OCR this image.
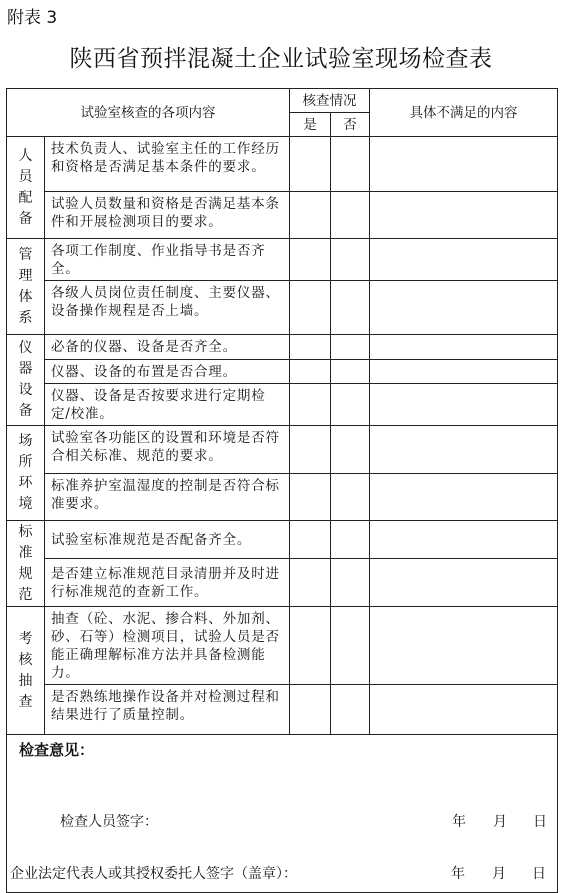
附表 3
陕西省预拌混凝土企业试验室现场检查表
试验室核查的各项内容		核查情况		具体不满足的内容
		是	否	
人员配备	技术负责人、试验室主任的工作经历和资格是否满足基本条件的要求。			
	试验人员数量和资格是否满足基本条件和开展检测项目的要求。			
管理体系	各项工作制度、作业指导书是否齐全。			
	各级人员岗位责任制度、主要仪器、设备操作规程是否上墙。			
仪器设备	必备的仪器、设备是否齐全。			
	仪器、设备的布置是否合理。			
	仪器、设备是否按要求进行定期检定/校准。			
场所环境	试验室各功能区的设置和环境是否符合相关标准、规范的要求。			
	标准养护室温湿度的控制是否符合标准要求。			
标准规范	试验室标准规范是否配备齐全。			
	是否建立标准规范目录清册并及时进行标准规范的查新工作。			
考核抽查	抽查（砼、水泥、掺合料、外加剂、砂、石等）检测项目，试验人员是否能正确理解标准方法并具备检测能力。			
	是否熟练地操作设备并对检测过程和结果进行了质量控制。			

检查意见：
检查人员签字： 年 月 日				
企业法定代表人或其授权委托人签字（盖章）：	年 月 日
